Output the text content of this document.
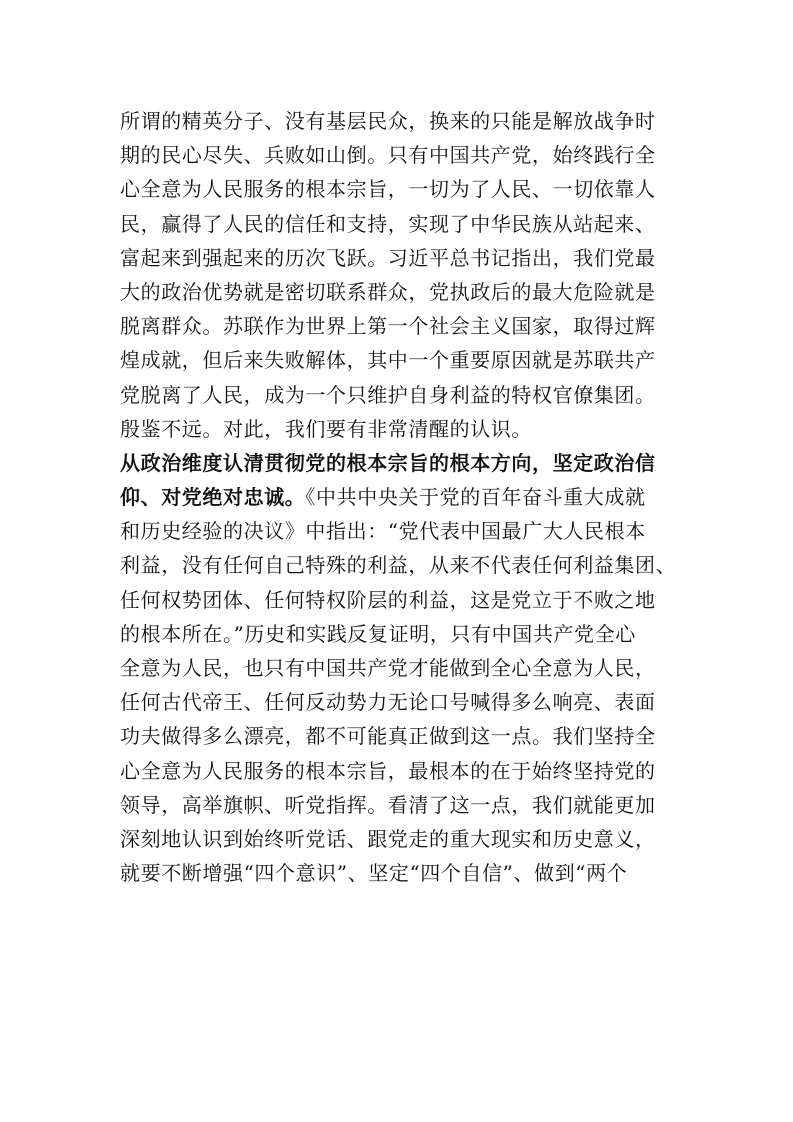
所谓的精英分子、没有基层民众，换来的只能是解放战争时
期的民心尽失、兵败如山倒。只有中国共产党，始终践行全
心全意为人民服务的根本宗旨，一切为了人民、一切依靠人
民，赢得了人民的信任和支持，实现了中华民族从站起来、
富起来到强起来的历次飞跃。习近平总书记指出，我们党最
大的政治优势就是密切联系群众，党执政后的最大危险就是
脱离群众。苏联作为世界上第一个社会主义国家，取得过辉
煌成就，但后来失败解体，其中一个重要原因就是苏联共产
党脱离了人民，成为一个只维护自身利益的特权官僚集团。
殷鉴不远。对此，我们要有非常清醒的认识。
从政治维度认清贯彻党的根本宗旨的根本方向，坚定政治信
仰、对党绝对忠诚。《中共中央关于党的百年奋斗重大成就
和历史经验的决议》中指出：“党代表中国最广大人民根本
利益，没有任何自己特殊的利益，从来不代表任何利益集团、
任何权势团体、任何特权阶层的利益，这是党立于不败之地
的根本所在。”历史和实践反复证明，只有中国共产党全心
全意为人民，也只有中国共产党才能做到全心全意为人民，
任何古代帝王、任何反动势力无论口号喊得多么响亮、表面
功夫做得多么漂亮，都不可能真正做到这一点。我们坚持全
心全意为人民服务的根本宗旨，最根本的在于始终坚持党的
领导，高举旗帜、听党指挥。看清了这一点，我们就能更加
深刻地认识到始终听党话、跟党走的重大现实和历史意义，
就要不断增强“四个意识”、坚定“四个自信”、做到“两个
